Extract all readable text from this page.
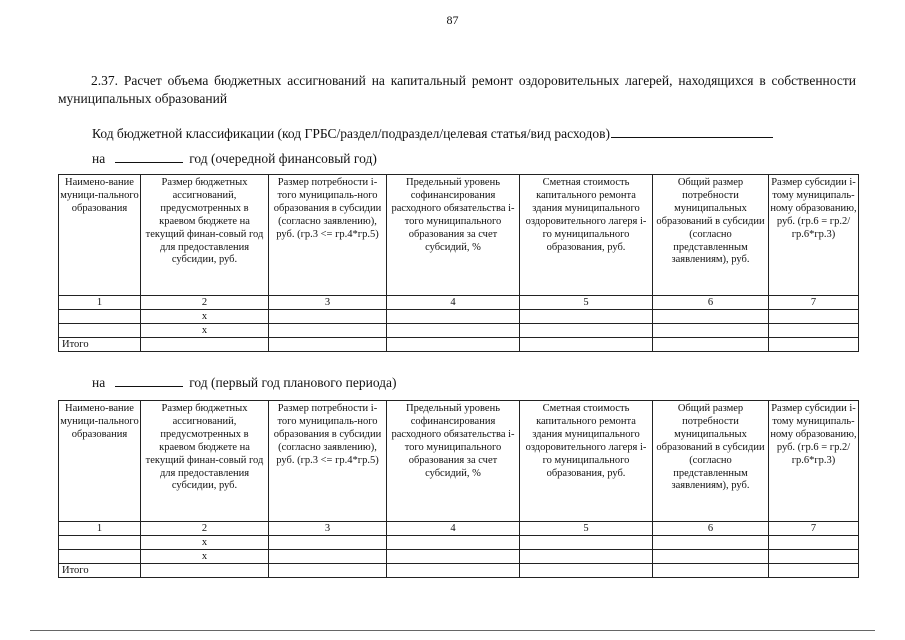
87
2.37. Расчет объема бюджетных ассигнований на капитальный ремонт оздоровительных лагерей, находящихся в собственности муниципальных образований
Код бюджетной классификации (код ГРБС/раздел/подраздел/целевая статья/вид расходов)
на	год (очередной финансовый год)
Наимено-вание муници-пального образования	Размер бюджетных ассигнований, предусмотренных в краевом бюджете на текущий финан-совый год для предоставления субсидии, руб.	Размер потребности i-того муниципаль-ного образования в субсидии (согласно заявлению), руб. (гр.3 <= гр.4*гр.5)	Предельный уровень софинансирования расходного обязательства i-того муниципального образования за счет субсидий, %	Сметная стоимость капитального ремонта здания муниципального оздоровительного лагеря i-го муниципального образования, руб.	Общий размер потребности муниципальных образований в субсидии (согласно представленным заявлениям), руб.	Размер субсидии i-тому муниципаль-ному образованию, руб. (гр.6 = гр.2/гр.6*гр.3)
1	2	3	4	5	6	7
	х					
	х					
Итого						
на	год (первый год планового периода)
Наимено-вание муници-пального образования	Размер бюджетных ассигнований, предусмотренных в краевом бюджете на текущий финан-совый год для предоставления субсидии, руб.	Размер потребности i-того муниципаль-ного образования в субсидии (согласно заявлению), руб. (гр.3 <= гр.4*гр.5)	Предельный уровень софинансирования расходного обязательства i-того муниципального образования за счет субсидий, %	Сметная стоимость капитального ремонта здания муниципального оздоровительного лагеря i-го муниципального образования, руб.	Общий размер потребности муниципальных образований в субсидии (согласно представленным заявлениям), руб.	Размер субсидии i-тому муниципаль-ному образованию, руб. (гр.6 = гр.2/гр.6*гр.3)
1	2	3	4	5	6	7
	х					
	х					
Итого						
